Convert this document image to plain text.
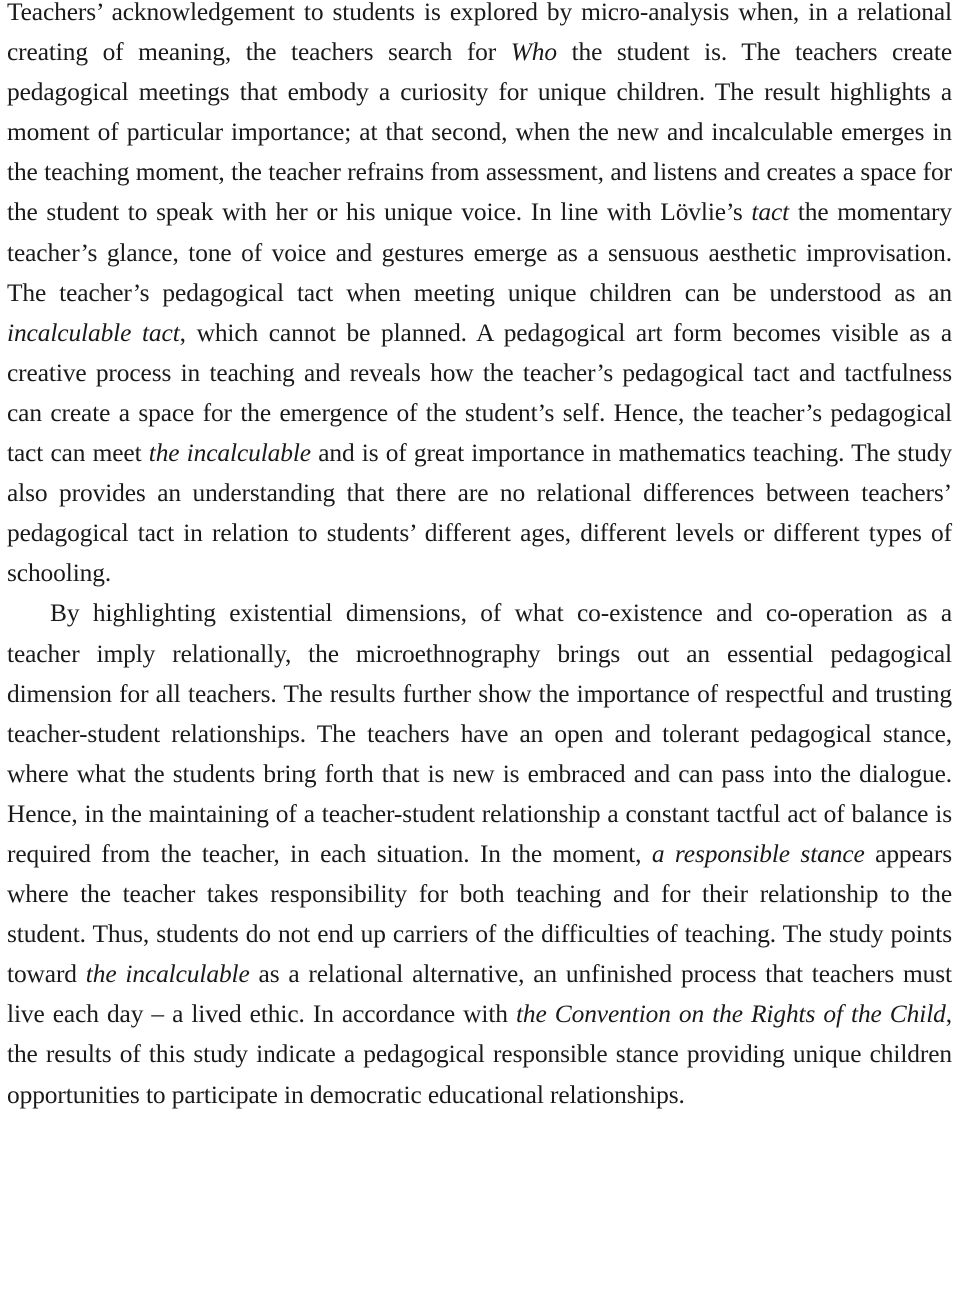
Teachers’ acknowledgement to students is explored by micro-analysis when, in a relational creating of meaning, the teachers search for Who the student is. The teachers create pedagogical meetings that embody a curiosity for unique children. The result highlights a moment of particular importance; at that second, when the new and incalculable emerges in the teaching moment, the teacher refrains from assessment, and listens and creates a space for the student to speak with her or his unique voice. In line with Lövlie’s tact the momentary teacher’s glance, tone of voice and gestures emerge as a sensuous aesthetic improvisation. The teacher’s pedagogical tact when meeting unique children can be understood as an incalculable tact, which cannot be planned. A pedagogical art form becomes visible as a creative process in teaching and reveals how the teacher’s pedagogical tact and tactfulness can create a space for the emergence of the student’s self. Hence, the teacher’s pedagogical tact can meet the incalculable and is of great importance in mathematics teaching. The study also provides an understanding that there are no relational differences between teachers’ pedagogical tact in relation to students’ different ages, different levels or different types of schooling.

By highlighting existential dimensions, of what co-existence and co-operation as a teacher imply relationally, the microethnography brings out an essential pedagogical dimension for all teachers. The results further show the importance of respectful and trusting teacher-student relationships. The teachers have an open and tolerant pedagogical stance, where what the students bring forth that is new is embraced and can pass into the dialogue. Hence, in the maintaining of a teacher-student relationship a constant tactful act of balance is required from the teacher, in each situation. In the moment, a responsible stance appears where the teacher takes responsibility for both teaching and for their relationship to the student. Thus, students do not end up carriers of the difficulties of teaching. The study points toward the incalculable as a relational alternative, an unfinished process that teachers must live each day – a lived ethic. In accordance with the Convention on the Rights of the Child, the results of this study indicate a pedagogical responsible stance providing unique children opportunities to participate in democratic educational relationships.
